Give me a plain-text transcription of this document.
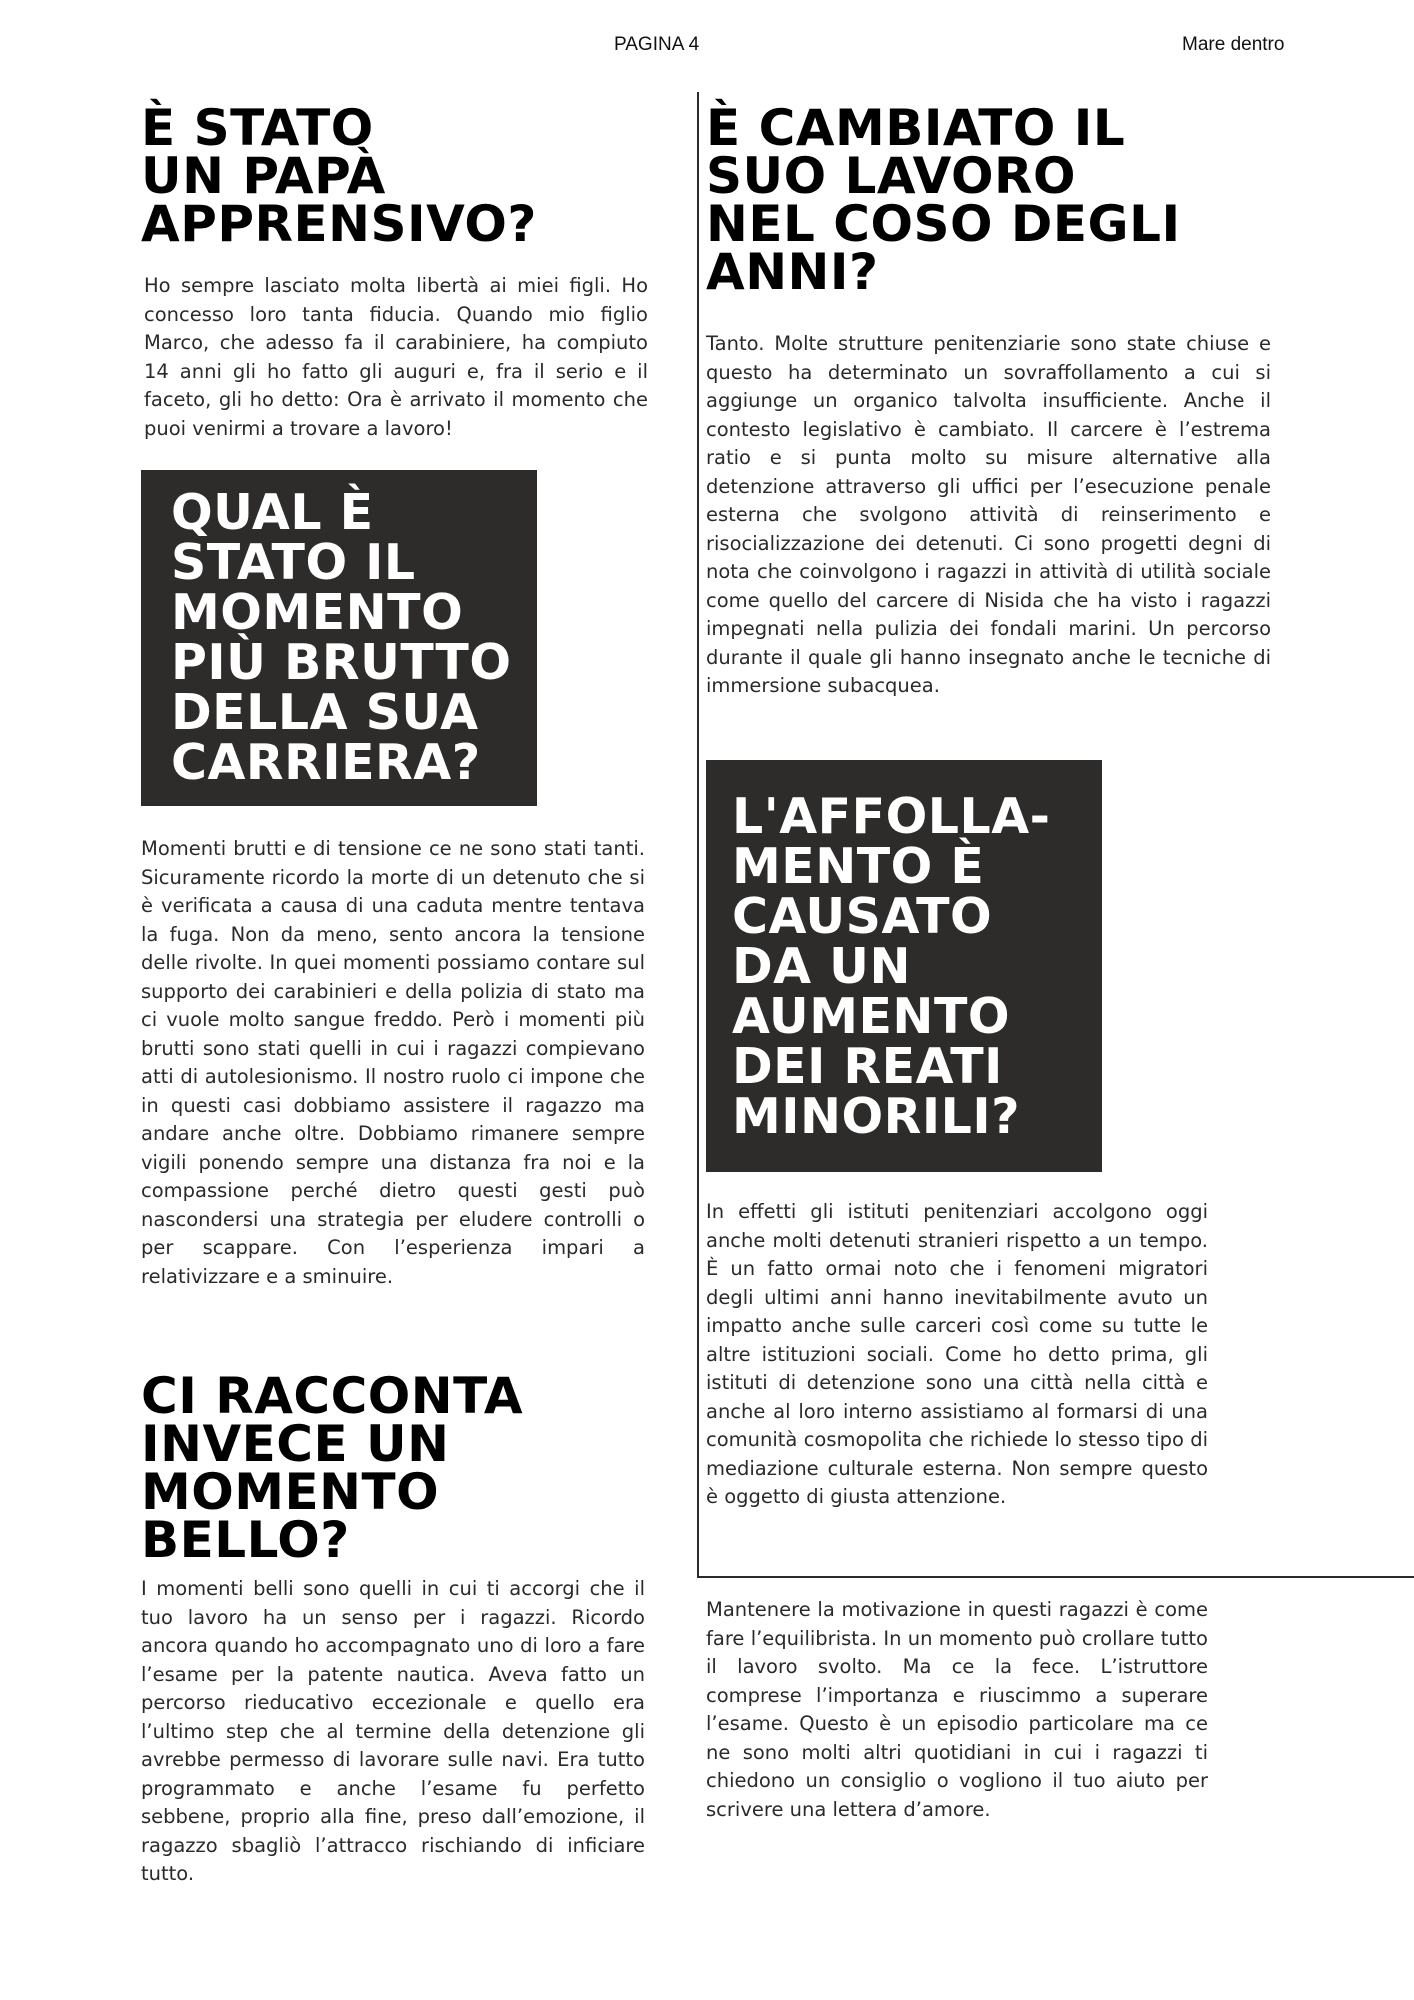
PAGINA 4	Mare dentro
È STATO
UN PAPÀ
APPRENSIVO?

Ho sempre lasciato molta libertà ai miei figli. Ho concesso loro tanta fiducia. Quando mio figlio Marco, che adesso fa il carabiniere, ha compiuto 14 anni gli ho fatto gli auguri e, fra il serio e il faceto, gli ho detto: Ora è arrivato il momento che puoi venirmi a trovare a lavoro!

QUAL È
STATO IL
MOMENTO
PIÙ BRUTTO
DELLA SUA
CARRIERA?

Momenti brutti e di tensione ce ne sono stati tanti. Sicuramente ricordo la morte di un detenuto che si è verificata a causa di una caduta mentre tentava la fuga. Non da meno, sento ancora la tensione delle rivolte. In quei momenti possiamo contare sul supporto dei carabinieri e della polizia di stato ma ci vuole molto sangue freddo. Però i momenti più brutti sono stati quelli in cui i ragazzi compievano atti di autolesionismo. Il nostro ruolo ci impone che in questi casi dobbiamo assistere il ragazzo ma andare anche oltre. Dobbiamo rimanere sempre vigili ponendo sempre una distanza fra noi e la compassione perché dietro questi gesti può nascondersi una strategia per eludere controlli o per scappare. Con l’esperienza impari a relativizzare e a sminuire.

CI RACCONTA
INVECE UN
MOMENTO
BELLO?

I momenti belli sono quelli in cui ti accorgi che il tuo lavoro ha un senso per i ragazzi. Ricordo ancora quando ho accompagnato uno di loro a fare l’esame per la patente nautica. Aveva fatto un percorso rieducativo eccezionale e quello era l’ultimo step che al termine della detenzione gli avrebbe permesso di lavorare sulle navi. Era tutto programmato e anche l’esame fu perfetto sebbene, proprio alla fine, preso dall’emozione, il ragazzo sbagliò l’attracco rischiando di inficiare tutto.

È CAMBIATO IL
SUO LAVORO
NEL COSO DEGLI
ANNI?

Tanto. Molte strutture penitenziarie sono state chiuse e questo ha determinato un sovraffollamento a cui si aggiunge un organico talvolta insufficiente. Anche il contesto legislativo è cambiato. Il carcere è l’estrema ratio e si punta molto su misure alternative alla detenzione attraverso gli uffici per l’esecuzione penale esterna che svolgono attività di reinserimento e risocializzazione dei detenuti. Ci sono progetti degni di nota che coinvolgono i ragazzi in attività di utilità sociale come quello del carcere di Nisida che ha visto i ragazzi impegnati nella pulizia dei fondali marini. Un percorso durante il quale gli hanno insegnato anche le tecniche di immersione subacquea.

L'AFFOLLA-
MENTO È
CAUSATO
DA UN
AUMENTO
DEI REATI
MINORILI?

In effetti gli istituti penitenziari accolgono oggi anche molti detenuti stranieri rispetto a un tempo. È un fatto ormai noto che i fenomeni migratori degli ultimi anni hanno inevitabilmente avuto un impatto anche sulle carceri così come su tutte le altre istituzioni sociali. Come ho detto prima, gli istituti di detenzione sono una città nella città e anche al loro interno assistiamo al formarsi di una comunità cosmopolita che richiede lo stesso tipo di mediazione culturale esterna. Non sempre questo è oggetto di giusta attenzione.

Mantenere la motivazione in questi ragazzi è come fare l’equilibrista. In un momento può crollare tutto il lavoro svolto. Ma ce la fece. L’istruttore comprese l’importanza e riuscimmo a superare l’esame. Questo è un episodio particolare ma ce ne sono molti altri quotidiani in cui i ragazzi ti chiedono un consiglio o vogliono il tuo aiuto per scrivere una lettera d’amore.
